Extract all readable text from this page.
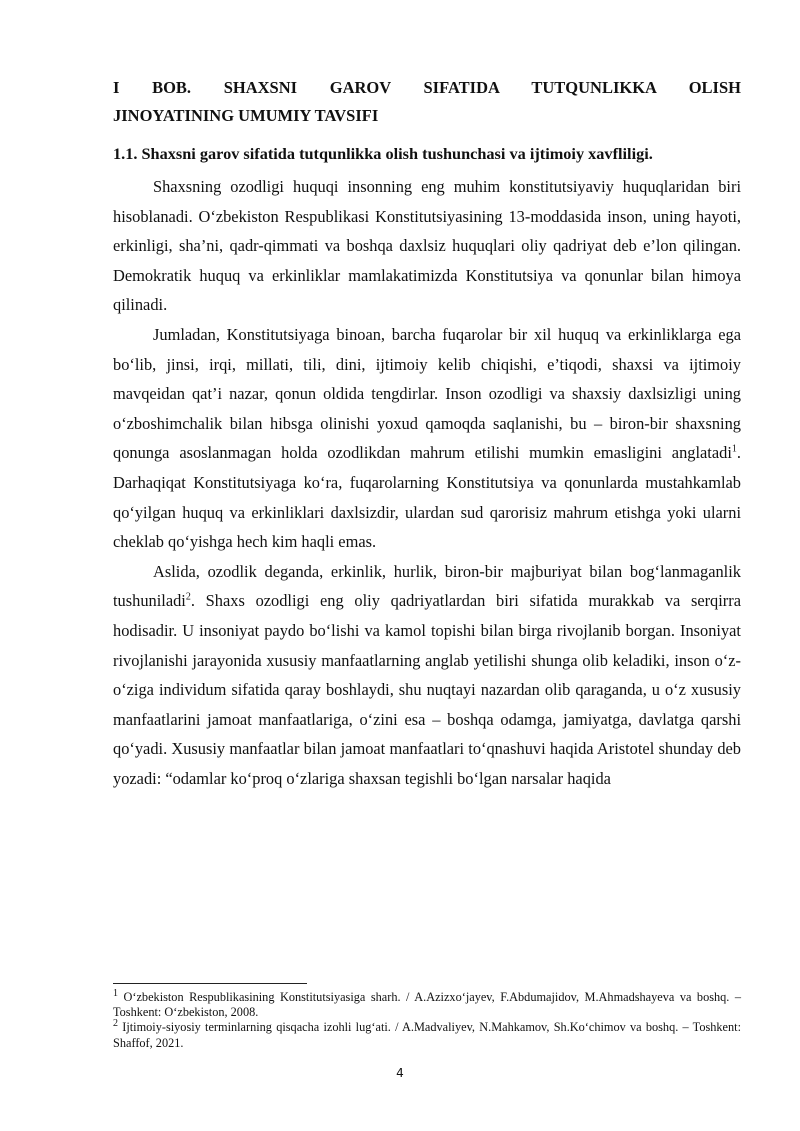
I BOB. SHAXSNI GAROV SIFATIDA TUTQUNLIKKA OLISH
JINOYATINING UMUMIY TAVSIFI
1.1. Shaxsni garov sifatida tutqunlikka olish tushunchasi va ijtimoiy xavfliligi.

Shaxsning ozodligi huquqi insonning eng muhim konstitutsiyaviy huquqlaridan biri hisoblanadi. O‘zbekiston Respublikasi Konstitutsiyasining 13-moddasida inson, uning hayoti, erkinligi, sha’ni, qadr-qimmati va boshqa daxlsiz huquqlari oliy qadriyat deb e’lon qilingan. Demokratik huquq va erkinliklar mamlakatimizda Konstitutsiya va qonunlar bilan himoya qilinadi.

Jumladan, Konstitutsiyaga binoan, barcha fuqarolar bir xil huquq va erkinliklarga ega bo‘lib, jinsi, irqi, millati, tili, dini, ijtimoiy kelib chiqishi, e’tiqodi, shaxsi va ijtimoiy mavqeidan qat’i nazar, qonun oldida tengdirlar. Inson ozodligi va shaxsiy daxlsizligi uning o‘zboshimchalik bilan hibsga olinishi yoxud qamoqda saqlanishi, bu – biron-bir shaxsning qonunga asoslanmagan holda ozodlikdan mahrum etilishi mumkin emasligini anglatadi$^1$. Darhaqiqat Konstitutsiyaga ko‘ra, fuqarolarning Konstitutsiya va qonunlarda mustahkamlab qo‘yilgan huquq va erkinliklari daxlsizdir, ulardan sud qarorisiz mahrum etishga yoki ularni cheklab qo‘yishga hech kim haqli emas.

Aslida, ozodlik deganda, erkinlik, hurlik, biron-bir majburiyat bilan bog‘lanmaganlik tushuniladi$^2$. Shaxs ozodligi eng oliy qadriyatlardan biri sifatida murakkab va serqirra hodisadir. U insoniyat paydo bo‘lishi va kamol topishi bilan birga rivojlanib borgan. Insoniyat rivojlanishi jarayonida xususiy manfaatlarning anglab yetilishi shunga olib keladiki, inson o‘z-o‘ziga individum sifatida qaray boshlaydi, shu nuqtayi nazardan olib qaraganda, u o‘z xususiy manfaatlarini jamoat manfaatlariga, o‘zini esa – boshqa odamga, jamiyatga, davlatga qarshi qo‘yadi. Xususiy manfaatlar bilan jamoat manfaatlari to‘qnashuvi haqida Aristotel shunday deb yozadi: “odamlar ko‘proq o‘zlariga shaxsan tegishli bo‘lgan narsalar haqida

$^1$ O‘zbekiston Respublikasining Konstitutsiyasiga sharh. / A.Azizxo‘jayev, F.Abdumajidov, M.Ahmadshayeva va boshq. – Toshkent: O‘zbekiston, 2008.

$^2$ Ijtimoiy-siyosiy terminlarning qisqacha izohli lug‘ati. / A.Madvaliyev, N.Mahkamov, Sh.Ko‘chimov va boshq. – Toshkent: Shaffof, 2021.

4
